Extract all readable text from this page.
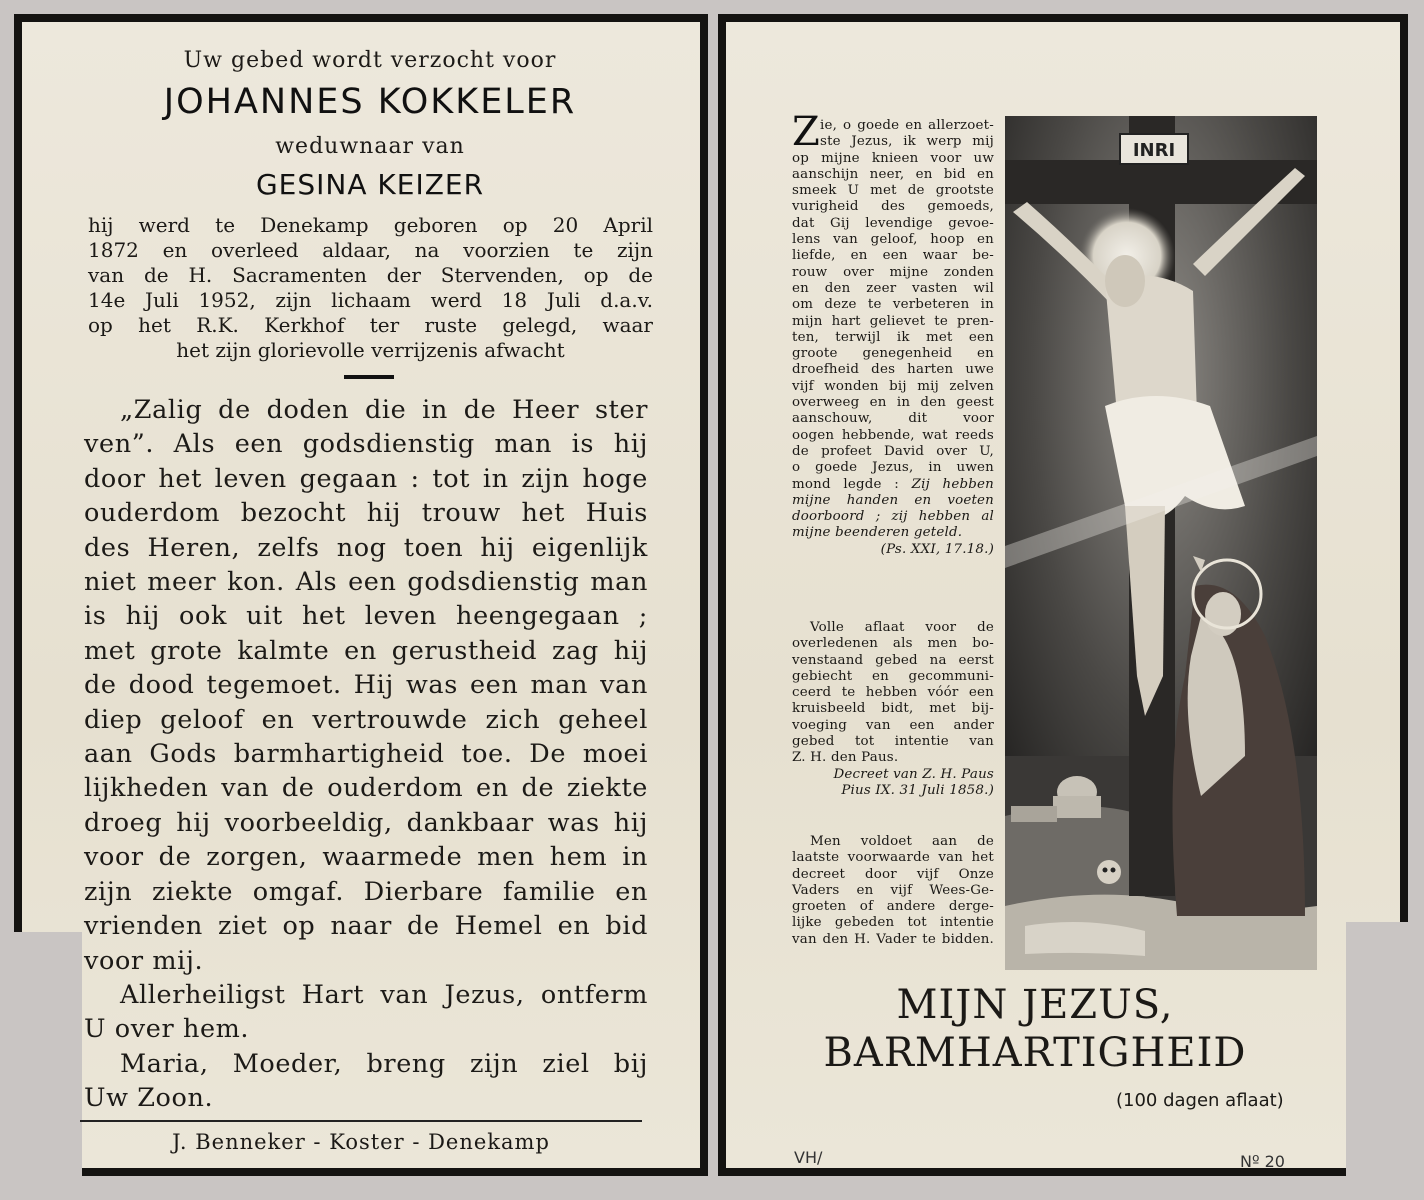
Uw gebed wordt verzocht voor
JOHANNES KOKKELER
weduwnaar van
GESINA KEIZER
hij werd te Denekamp geboren op 20 April
1872 en overleed aldaar, na voorzien te zijn
van de H. Sacramenten der Stervenden, op de
14e Juli 1952, zijn lichaam werd 18 Juli d.a.v.
op het R.K. Kerkhof ter ruste gelegd, waar
het zijn glorievolle verrijzenis afwacht
„Zalig de doden die in de Heer ster
ven”. Als een godsdienstig man is hij
door het leven gegaan : tot in zijn hoge
ouderdom bezocht hij trouw het Huis
des Heren, zelfs nog toen hij eigenlijk
niet meer kon. Als een godsdienstig man
is hij ook uit het leven heengegaan ;
met grote kalmte en gerustheid zag hij
de dood tegemoet. Hij was een man van
diep geloof en vertrouwde zich geheel
aan Gods barmhartigheid toe. De moei
lijkheden van de ouderdom en de ziekte
droeg hij voorbeeldig, dankbaar was hij
voor de zorgen, waarmede men hem in
zijn ziekte omgaf. Dierbare familie en
vrienden ziet op naar de Hemel en bid
voor mij.
Allerheiligst Hart van Jezus, ontferm
U over hem.
Maria, Moeder, breng zijn ziel bij
Uw Zoon.
J. Benneker - Koster - Denekamp
Z ie, o goede en allerzoet-
ste Jezus, ik werp mij
op mijne knieen voor uw
aanschijn neer, en bid en
smeek U met de grootste
vurigheid des gemoeds,
dat Gij levendige gevoe-
lens van geloof, hoop en
liefde, en een waar be-
rouw over mijne zonden
en den zeer vasten wil
om deze te verbeteren in
mijn hart gelievet te pren-
ten, terwijl ik met een
groote genegenheid en
droefheid des harten uwe
vijf wonden bij mij zelven
overweeg en in den geest
aanschouw, dit voor
oogen hebbende, wat reeds
de profeet David over U,
o goede Jezus, in uwen
mond legde : Zij hebben
mijne handen en voeten
doorboord ; zij hebben al
mijne beenderen geteld.
(Ps. XXI, 17.18.)
Volle aflaat voor de
overledenen als men bo-
venstaand gebed na eerst
gebiecht en gecommuni-
ceerd te hebben vóór een
kruisbeeld bidt, met bij-
voeging van een ander
gebed tot intentie van
Z. H. den Paus.
Decreet van Z. H. Paus
Pius IX. 31 Juli 1858.)
Men voldoet aan de
laatste voorwaarde van het
decreet door vijf Onze
Vaders en vijf Wees-Ge-
groeten of andere derge-
lijke gebeden tot intentie
van den H. Vader te bidden.
INRI
MIJN JEZUS,
BARMHARTIGHEID
(100 dagen aflaat)
VH/	Nº 20
